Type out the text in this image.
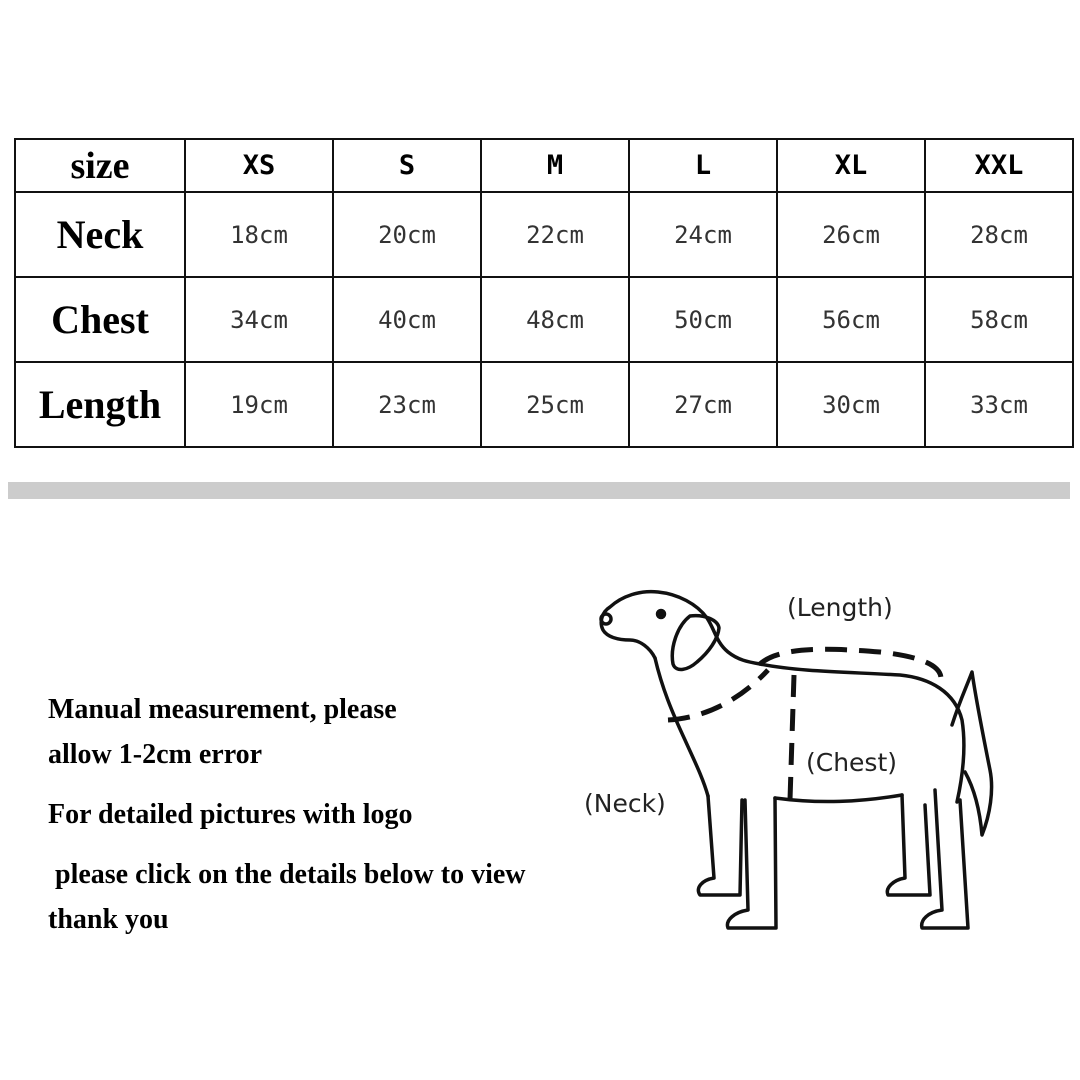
size	XS	S	M	L	XL	XXL
Neck	18cm	20cm	22cm	24cm	26cm	28cm
Chest	34cm	40cm	48cm	50cm	56cm	58cm
Length	19cm	23cm	25cm	27cm	30cm	33cm

Manual measurement, please

allow 1-2cm error

For detailed pictures with logo

please click on the details below to view

thank you

(Length)
(Chest)
(Neck)
